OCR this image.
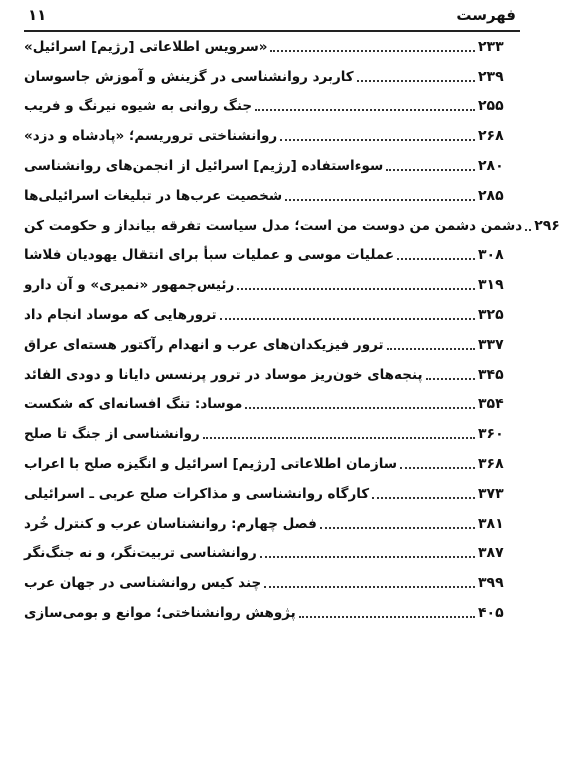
فهرست
۱۱
«سرویس اطلاعاتی [رژیم] اسرائیل»	۲۳۳
کاربرد روانشناسی در گزینش و آموزش جاسوسان	۲۳۹
جنگ روانی به شیوه نیرنگ و فریب	۲۵۵
روانشناختی تروریسم؛ «پادشاه و دزد»	۲۶۸
سوءاستفاده [رژیم] اسرائیل از انجمن‌های روانشناسی	۲۸۰
شخصیت عرب‌ها در تبلیغات اسرائیلی‌ها	۲۸۵
دشمن دشمن من دوست من است؛ مدل سیاست تفرقه بیانداز و حکومت کن ۲۹۶
عملیات موسی و عملیات سبأ برای انتقال یهودیان فلاشا	۳۰۸
رئیس‌جمهور «نمیری» و آن دارو	۳۱۹
ترورهایی که موساد انجام داد	۳۲۵
ترور فیزیکدان‌های عرب و انهدام رآکتور هسته‌ای عراق	۳۳۷
پنجه‌های خون‌ریز موساد در ترور پرنسس دایانا و دودی الفائد	۳۴۵
موساد: تنگ افسانه‌ای که شکست	۳۵۴
روانشناسی از جنگ تا صلح	۳۶۰
سازمان اطلاعاتی [رژیم] اسرائیل و انگیزه صلح با اعراب	۳۶۸
کارگاه روانشناسی و مذاکرات صلح عربی ـ اسرائیلی	۳۷۳
فصل چهارم: روانشناسان عرب و کنترل خُرد	۳۸۱
روانشناسی تربیت‌نگر، و نه جنگ‌نگر	۳۸۷
چند کیس روانشناسی در جهان عرب	۳۹۹
پژوهش روانشناختی؛ موانع و بومی‌سازی	۴۰۵
